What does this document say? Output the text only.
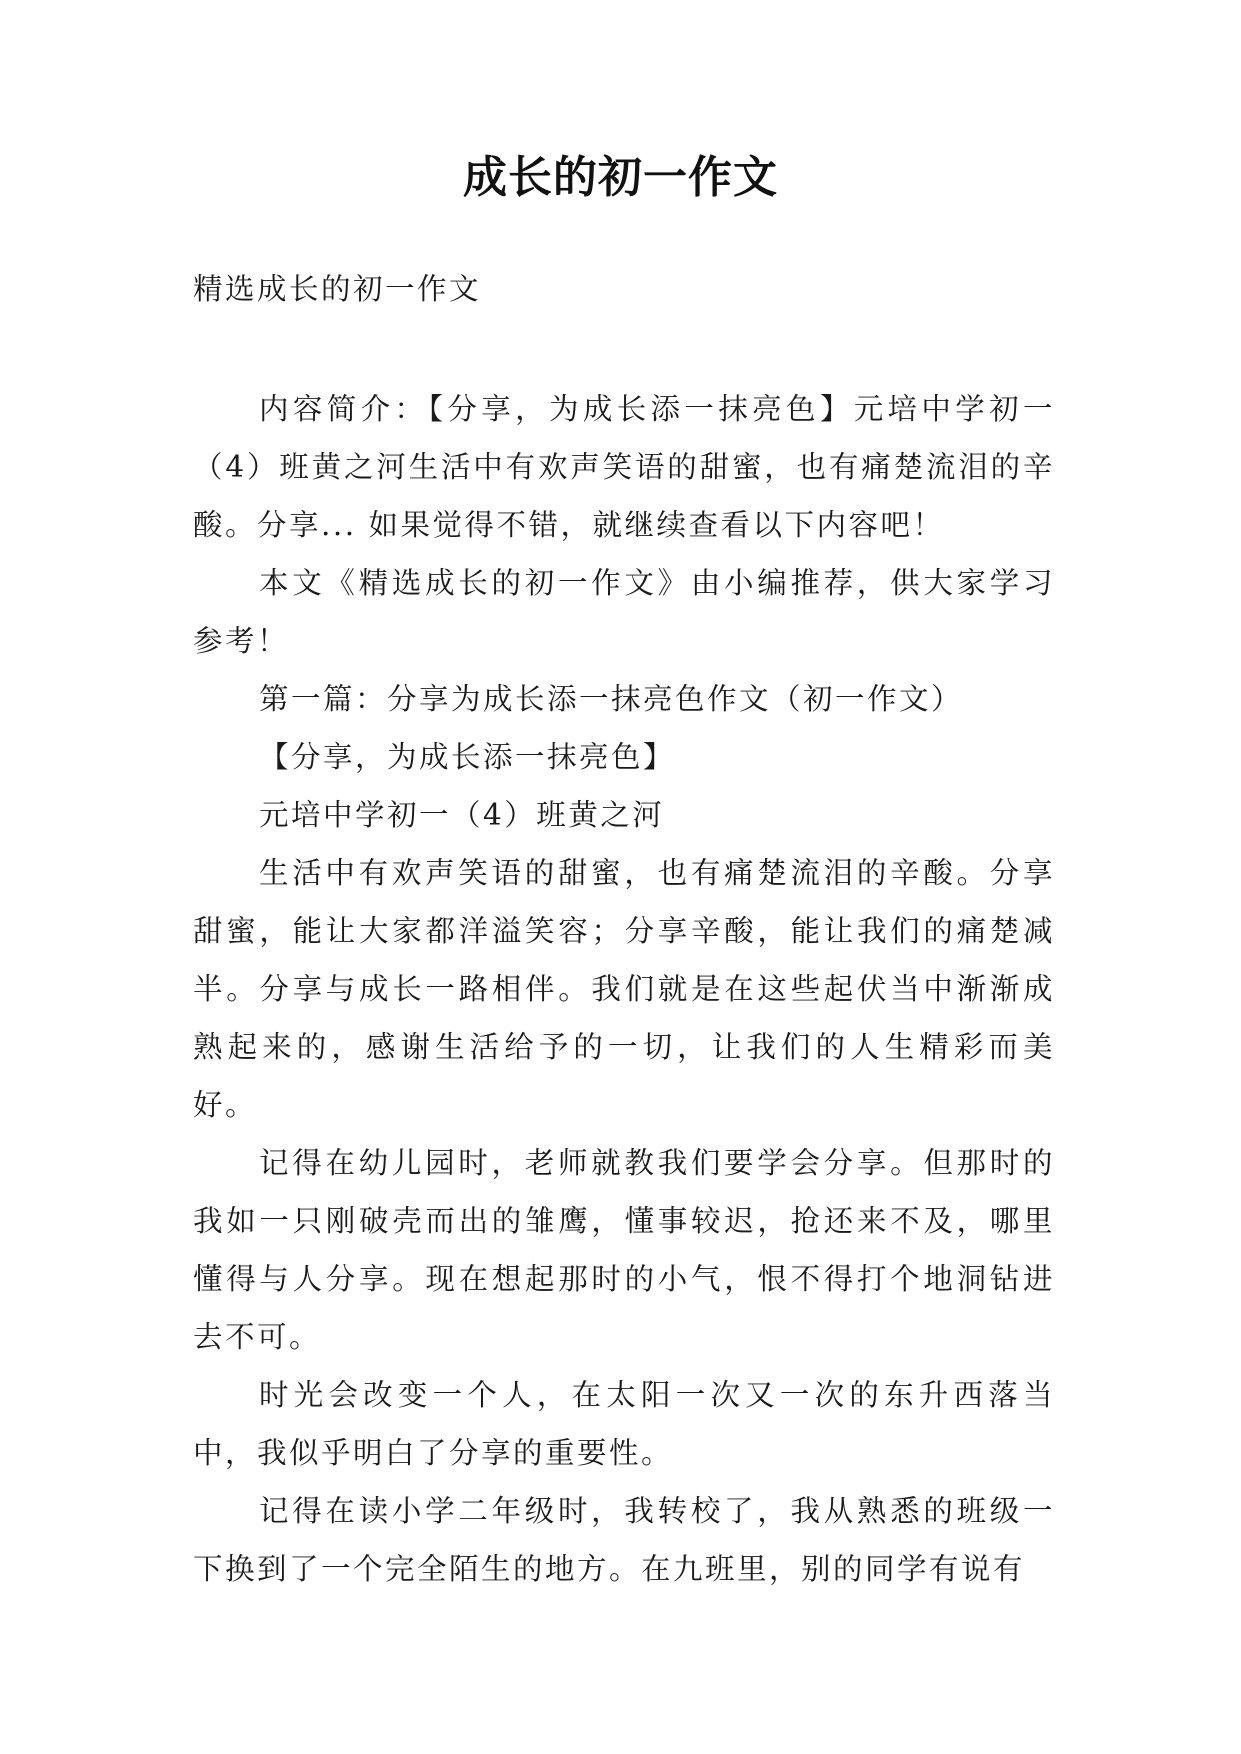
成长的初一作文

精选成长的初一作文

内容简介：【分享，为成长添一抹亮色】元培中学初一（4）班黄之河生活中有欢声笑语的甜蜜，也有痛楚流泪的辛酸。分享... 如果觉得不错，就继续查看以下内容吧！

本文《精选成长的初一作文》由小编推荐，供大家学习参考！

第一篇：分享为成长添一抹亮色作文（初一作文）

【分享，为成长添一抹亮色】

元培中学初一（4）班黄之河

生活中有欢声笑语的甜蜜，也有痛楚流泪的辛酸。分享甜蜜，能让大家都洋溢笑容；分享辛酸，能让我们的痛楚减半。分享与成长一路相伴。我们就是在这些起伏当中渐渐成熟起来的，感谢生活给予的一切，让我们的人生精彩而美好。

记得在幼儿园时，老师就教我们要学会分享。但那时的我如一只刚破壳而出的雏鹰，懂事较迟，抢还来不及，哪里懂得与人分享。现在想起那时的小气，恨不得打个地洞钻进去不可。

时光会改变一个人，在太阳一次又一次的东升西落当中，我似乎明白了分享的重要性。

记得在读小学二年级时，我转校了，我从熟悉的班级一下换到了一个完全陌生的地方。在九班里，别的同学有说有
